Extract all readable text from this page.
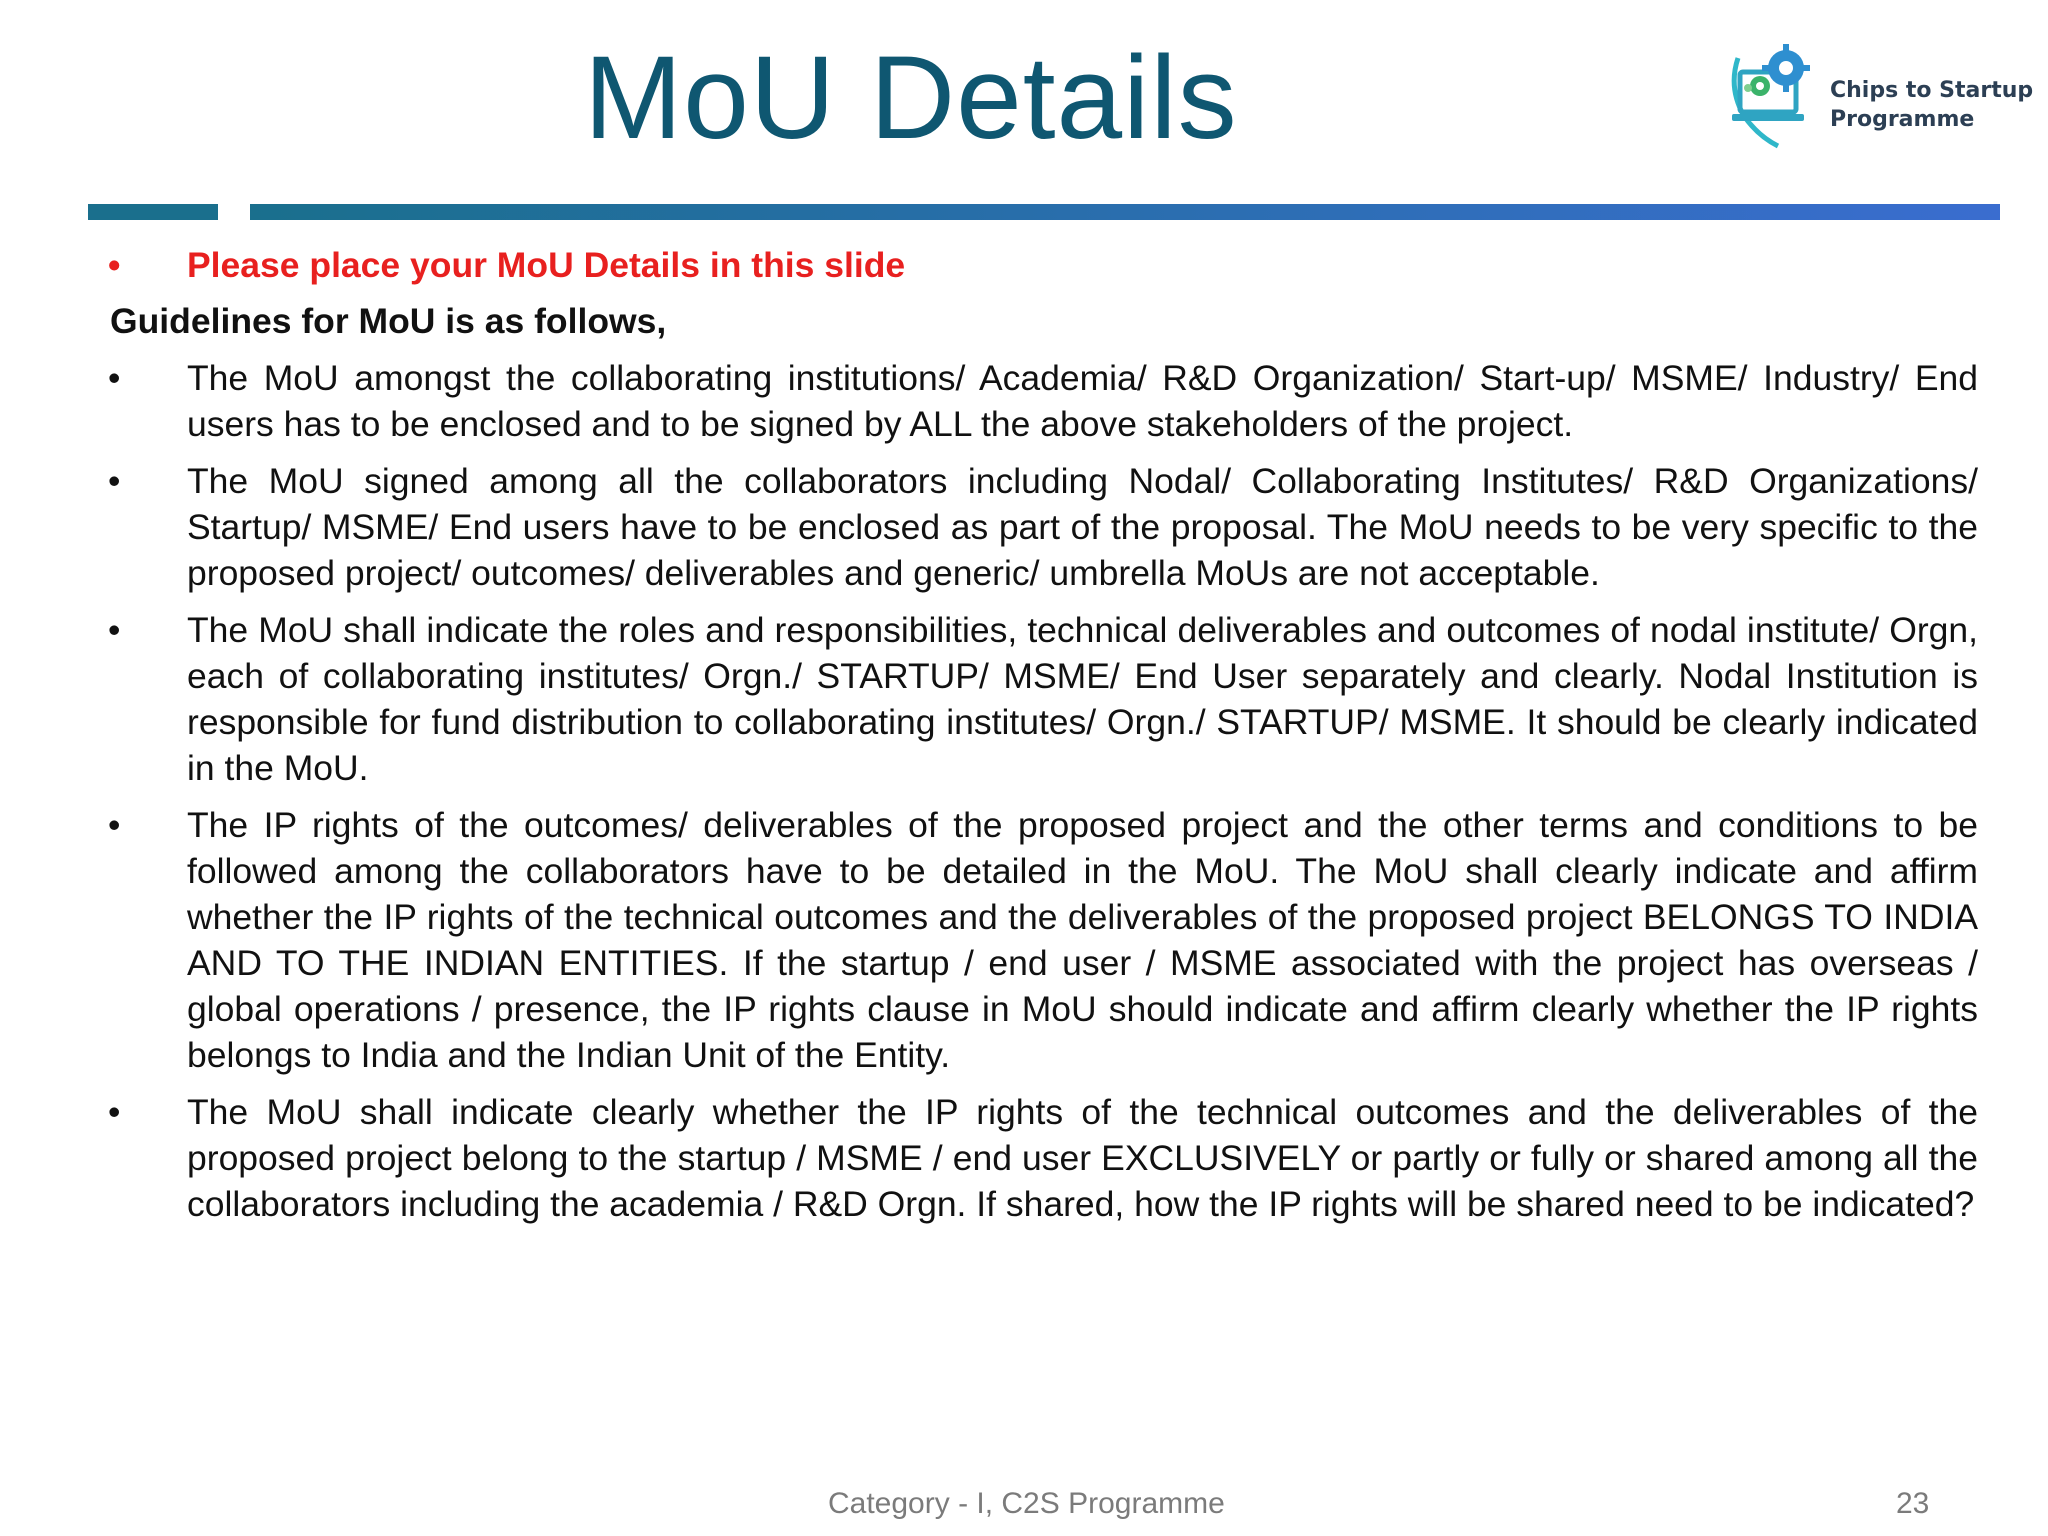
MoU Details	Chips to Startup
Programme
•	Please place your MoU Details in this slide
Guidelines for MoU is as follows,
•	The MoU amongst the collaborating institutions/ Academia/ R&D Organization/ Start-up/ MSME/ Industry/ End users has to be enclosed and to be signed by ALL the above stakeholders of the project.
•	The MoU signed among all the collaborators including Nodal/ Collaborating Institutes/ R&D Organizations/ Startup/ MSME/ End users have to be enclosed as part of the proposal. The MoU needs to be very specific to the proposed project/ outcomes/ deliverables and generic/ umbrella MoUs are not acceptable.
•	The MoU shall indicate the roles and responsibilities, technical deliverables and outcomes of nodal institute/ Orgn, each of collaborating institutes/ Orgn./ STARTUP/ MSME/ End User separately and clearly. Nodal Institution is responsible for fund distribution to collaborating institutes/ Orgn./ STARTUP/ MSME. It should be clearly indicated in the MoU.
•	The IP rights of the outcomes/ deliverables of the proposed project and the other terms and conditions to be followed among the collaborators have to be detailed in the MoU. The MoU shall clearly indicate and affirm whether the IP rights of the technical outcomes and the deliverables of the proposed project BELONGS TO INDIA AND TO THE INDIAN ENTITIES. If the startup / end user / MSME associated with the project has overseas / global operations / presence, the IP rights clause in MoU should indicate and affirm clearly whether the IP rights belongs to India and the Indian Unit of the Entity.
•	The MoU shall indicate clearly whether the IP rights of the technical outcomes and the deliverables of the proposed project belong to the startup / MSME / end user EXCLUSIVELY or partly or fully or shared among all the collaborators including the academia / R&D Orgn. If shared, how the IP rights will be shared need to be indicated?
Category - I, C2S Programme	23
